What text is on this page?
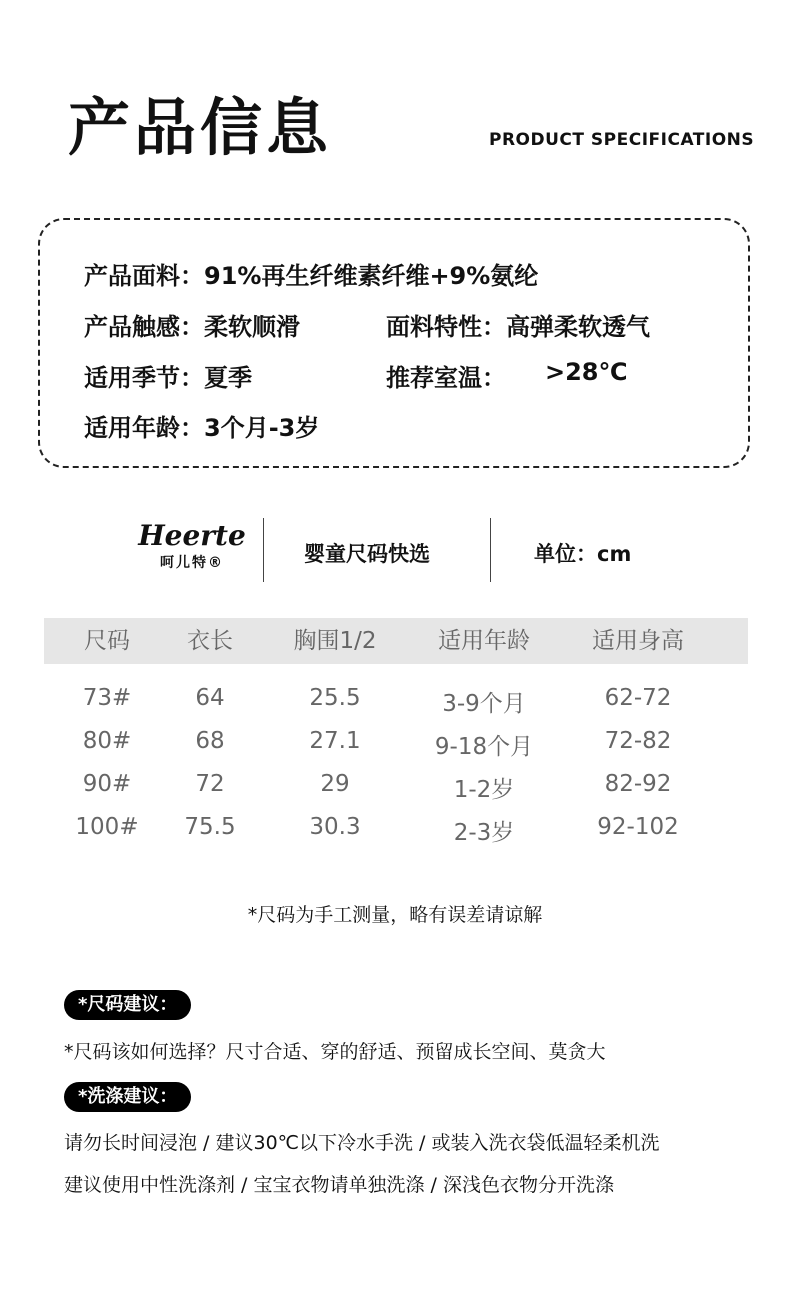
产品信息	PRODUCT SPECIFICATIONS
产品面料：91%再生纤维素纤维+9%氨纶
产品触感：柔软顺滑	面料特性：高弹柔软透气
适用季节：夏季	推荐室温： >28℃
适用年龄：3个月-3岁
Heerte
呵儿特®	婴童尺码快选	单位：cm
尺码 衣长	胸围1/2	适用年龄	适用身高
73#	64	25.5	3-9个月	62-72
80#	68	27.1	9-18个月	72-82
90#	72	29	1-2岁	82-92
100# 75.5	30.3	2-3岁	92-102
*尺码为手工测量，略有误差请谅解
*尺码建议：
*尺码该如何选择？尺寸合适、穿的舒适、预留成长空间、莫贪大
*洗涤建议：
请勿长时间浸泡 / 建议30℃以下冷水手洗 / 或装入洗衣袋低温轻柔机洗
建议使用中性洗涤剂 / 宝宝衣物请单独洗涤 / 深浅色衣物分开洗涤
